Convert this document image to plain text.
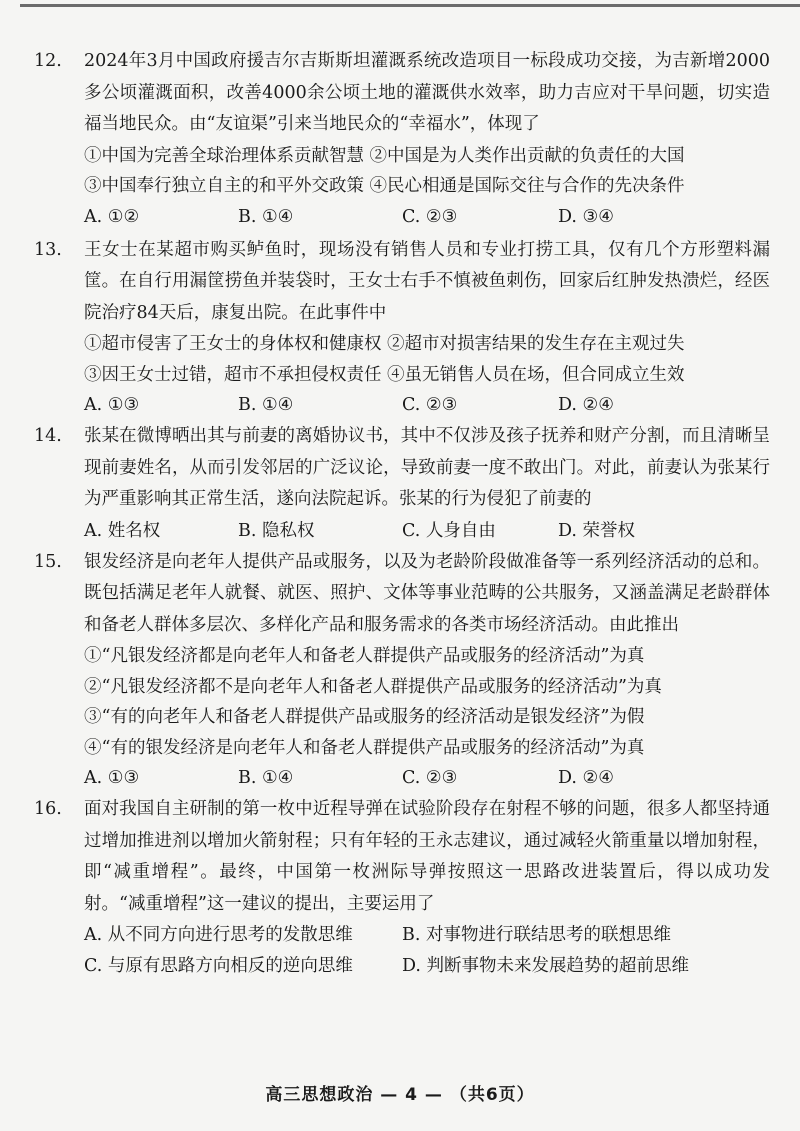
12.	2024年3月中国政府援吉尔吉斯斯坦灌溉系统改造项目一标段成功交接，为吉新增2000多公顷灌溉面积，改善4000余公顷土地的灌溉供水效率，助力吉应对干旱问题，切实造福当地民众。由“友谊渠”引来当地民众的“幸福水”，体现了
①中国为完善全球治理体系贡献智慧 ②中国是为人类作出贡献的负责任的大国
③中国奉行独立自主的和平外交政策 ④民心相通是国际交往与合作的先决条件
A. ①②	B. ①④	C. ②③	D. ③④
13.	王女士在某超市购买鲈鱼时，现场没有销售人员和专业打捞工具，仅有几个方形塑料漏筐。在自行用漏筐捞鱼并装袋时，王女士右手不慎被鱼刺伤，回家后红肿发热溃烂，经医院治疗84天后，康复出院。在此事件中
①超市侵害了王女士的身体权和健康权 ②超市对损害结果的发生存在主观过失
③因王女士过错，超市不承担侵权责任 ④虽无销售人员在场，但合同成立生效
A. ①③	B. ①④	C. ②③	D. ②④
14.	张某在微博晒出其与前妻的离婚协议书，其中不仅涉及孩子抚养和财产分割，而且清晰呈现前妻姓名，从而引发邻居的广泛议论，导致前妻一度不敢出门。对此，前妻认为张某行为严重影响其正常生活，遂向法院起诉。张某的行为侵犯了前妻的
A. 姓名权	B. 隐私权	C. 人身自由	D. 荣誉权
15.	银发经济是向老年人提供产品或服务，以及为老龄阶段做准备等一系列经济活动的总和。既包括满足老年人就餐、就医、照护、文体等事业范畴的公共服务，又涵盖满足老龄群体和备老人群体多层次、多样化产品和服务需求的各类市场经济活动。由此推出
①“凡银发经济都是向老年人和备老人群提供产品或服务的经济活动”为真
②“凡银发经济都不是向老年人和备老人群提供产品或服务的经济活动”为真
③“有的向老年人和备老人群提供产品或服务的经济活动是银发经济”为假
④“有的银发经济是向老年人和备老人群提供产品或服务的经济活动”为真
A. ①③	B. ①④	C. ②③	D. ②④
16.	面对我国自主研制的第一枚中近程导弹在试验阶段存在射程不够的问题，很多人都坚持通过增加推进剂以增加火箭射程；只有年轻的王永志建议，通过减轻火箭重量以增加射程，即“减重增程”。最终，中国第一枚洲际导弹按照这一思路改进装置后，得以成功发射。“减重增程”这一建议的提出，主要运用了
A. 从不同方向进行思考的发散思维	B. 对事物进行联结思考的联想思维
C. 与原有思路方向相反的逆向思维	D. 判断事物未来发展趋势的超前思维
高三思想政治 — 4 — （共6页）
